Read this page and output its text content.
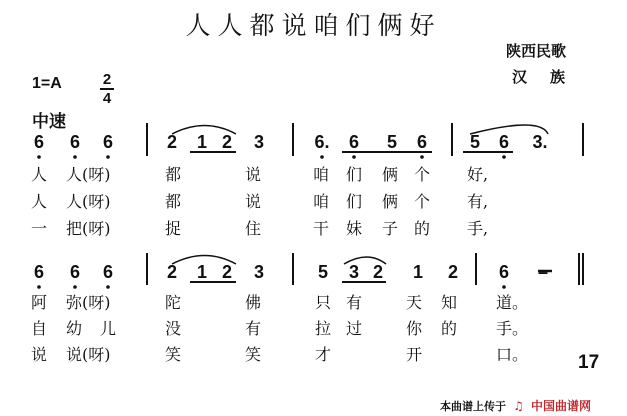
人人都说咱们俩好
陕西民歌
汉　族
1=A	2
4
中速
6 6 6	2 1 2 3	6. 6 5 6 5 6 3.
人 人(呀)	都	说	咱 们 俩 个 好,
人 人(呀)	都	说	咱 们 俩 个 有,
一 把(呀)	捉	住	干 妹 子 的 手,
6 6 6	2 1 2 3	5 3 2 1 2 6 –
阿 弥(呀)	陀	佛	只 有	天 知 道。
自 幼 儿	没	有	拉 过	你 的 手。
说 说(呀)	笑	笑	才	开	口。	17
本曲谱上传于 ♫ 中国曲谱网
